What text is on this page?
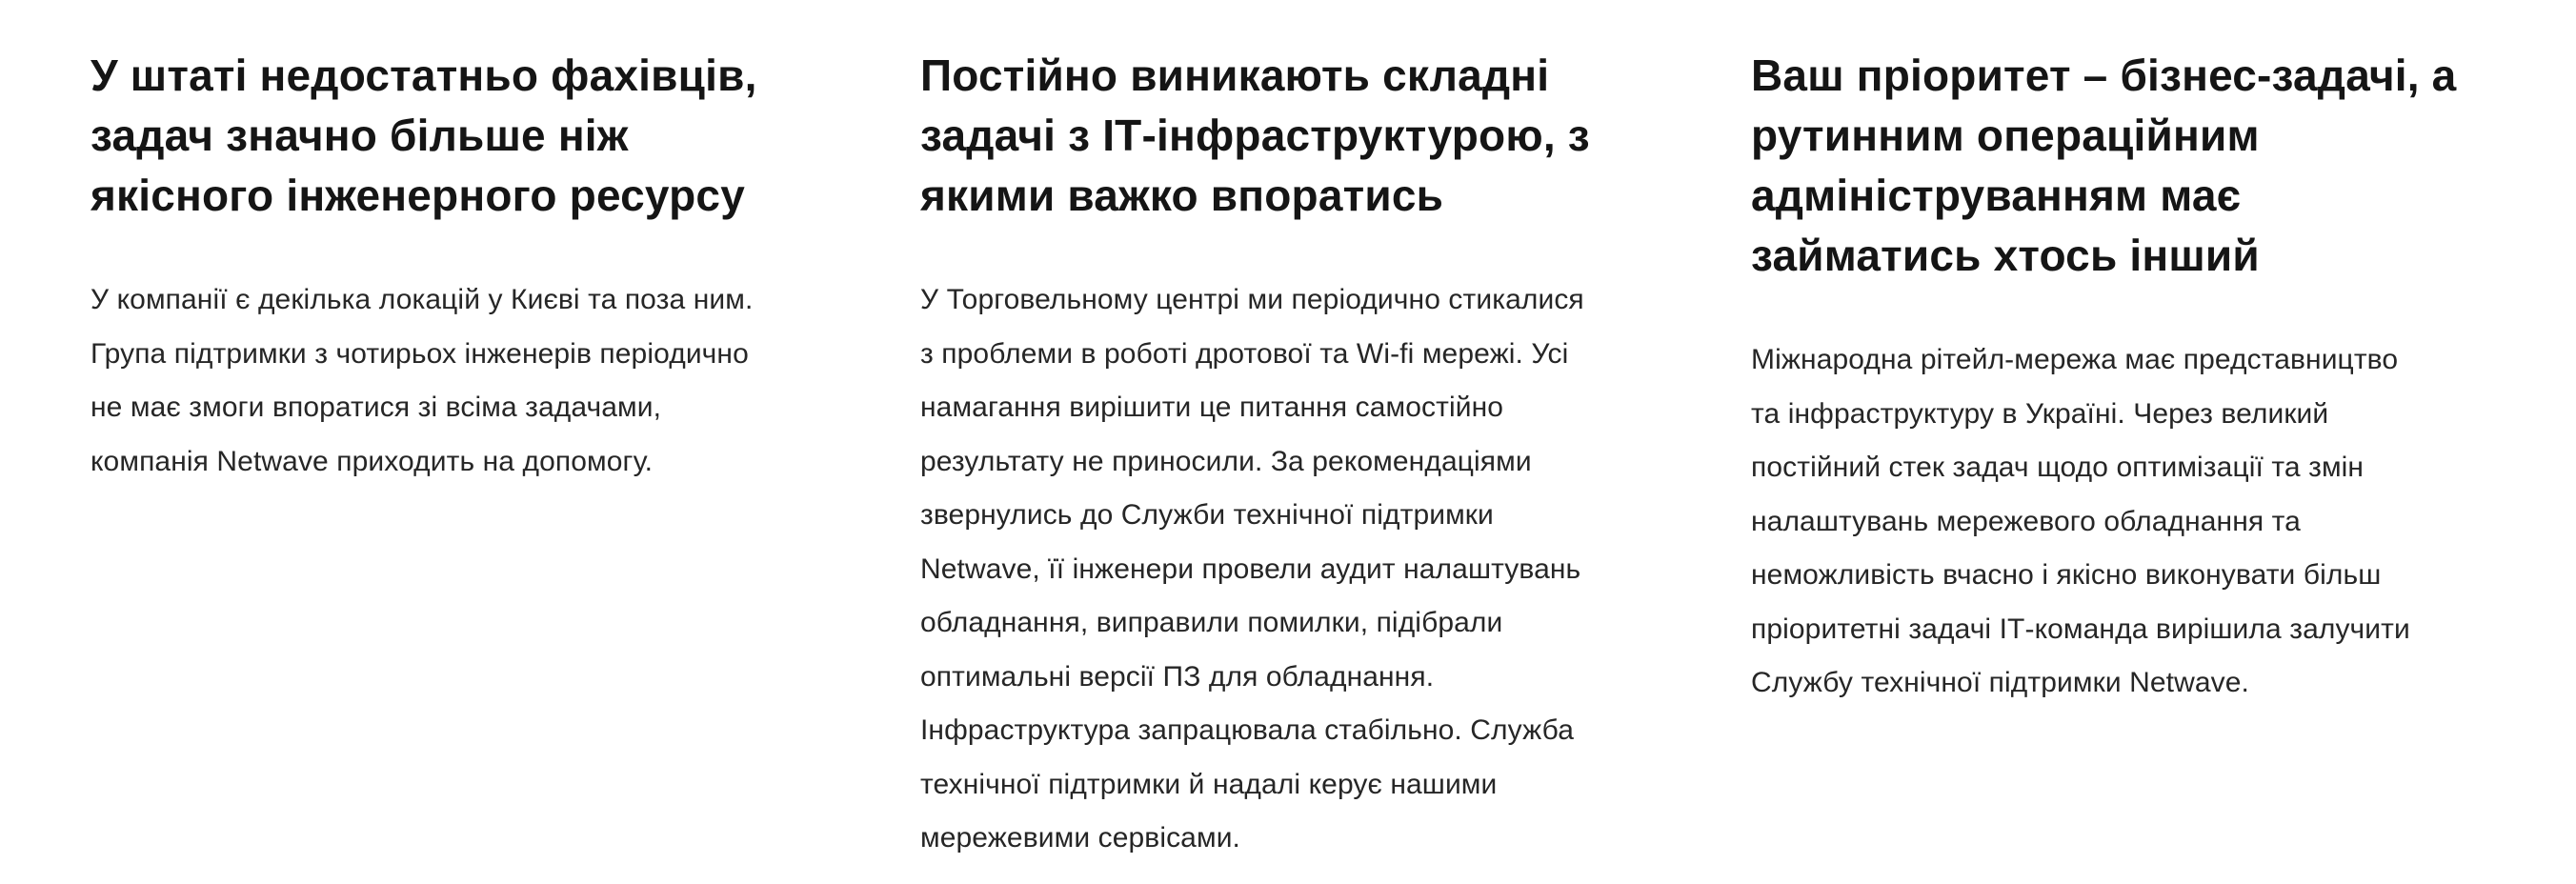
У штаті недостатньо фахівців,
задач значно більше ніж
якісного інженерного ресурсу

У компанії є декілька локацій у Києві та поза ним.
Група підтримки з чотирьох інженерів періодично
не має змоги впоратися зі всіма задачами,
компанія Netwave приходить на допомогу.

Постійно виникають складні
задачі з ІТ-інфраструктурою, з
якими важко впоратись

У Торговельному центрі ми періодично стикалися
з проблеми в роботі дротової та Wi-fi мережі. Усі
намагання вирішити це питання самостійно
результату не приносили. За рекомендаціями
звернулись до Служби технічної підтримки
Netwave, її інженери провели аудит налаштувань
обладнання, виправили помилки, підібрали
оптимальні версії ПЗ для обладнання.
Інфраструктура запрацювала стабільно. Служба
технічної підтримки й надалі керує нашими
мережевими сервісами.

Ваш пріоритет – бізнес-задачі, а
рутинним операційним
адмініструванням має
займатись хтось інший

Міжнародна рітейл-мережа має представництво
та інфраструктуру в Україні. Через великий
постійний стек задач щодо оптимізації та змін
налаштувань мережевого обладнання та
неможливість вчасно і якісно виконувати більш
пріоритетні задачі ІТ-команда вирішила залучити
Службу технічної підтримки Netwave.
